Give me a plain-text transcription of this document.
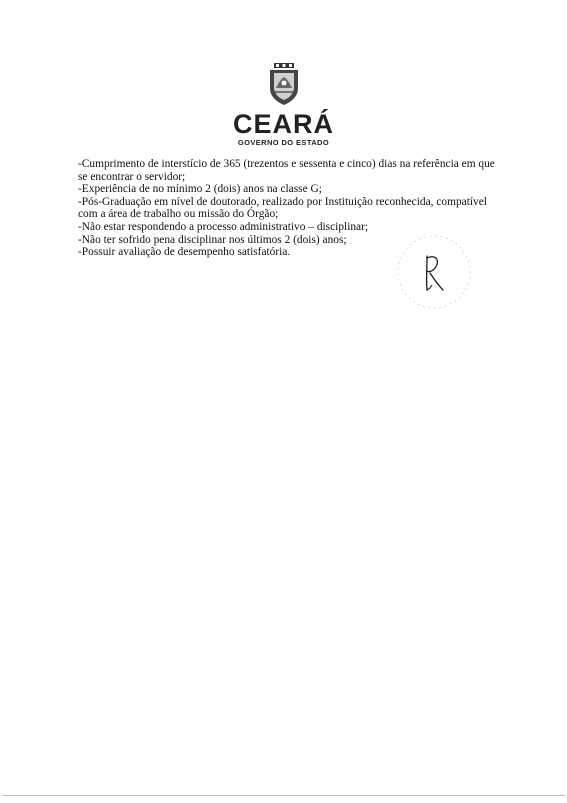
CEARÁ
GOVERNO DO ESTADO

-Cumprimento de interstício de 365 (trezentos e sessenta e cinco) dias na referência em que se encontrar o servidor;

-Experiência de no mínimo 2 (dois) anos na classe G;

-Pós-Graduação em nível de doutorado, realizado por Instituição reconhecida, compatível com a área de trabalho ou missão do Órgão;

-Não estar respondendo a processo administrativo – disciplinar;

-Não ter sofrido pena disciplinar nos últimos 2 (dois) anos;

-Possuir avaliação de desempenho satisfatória.
